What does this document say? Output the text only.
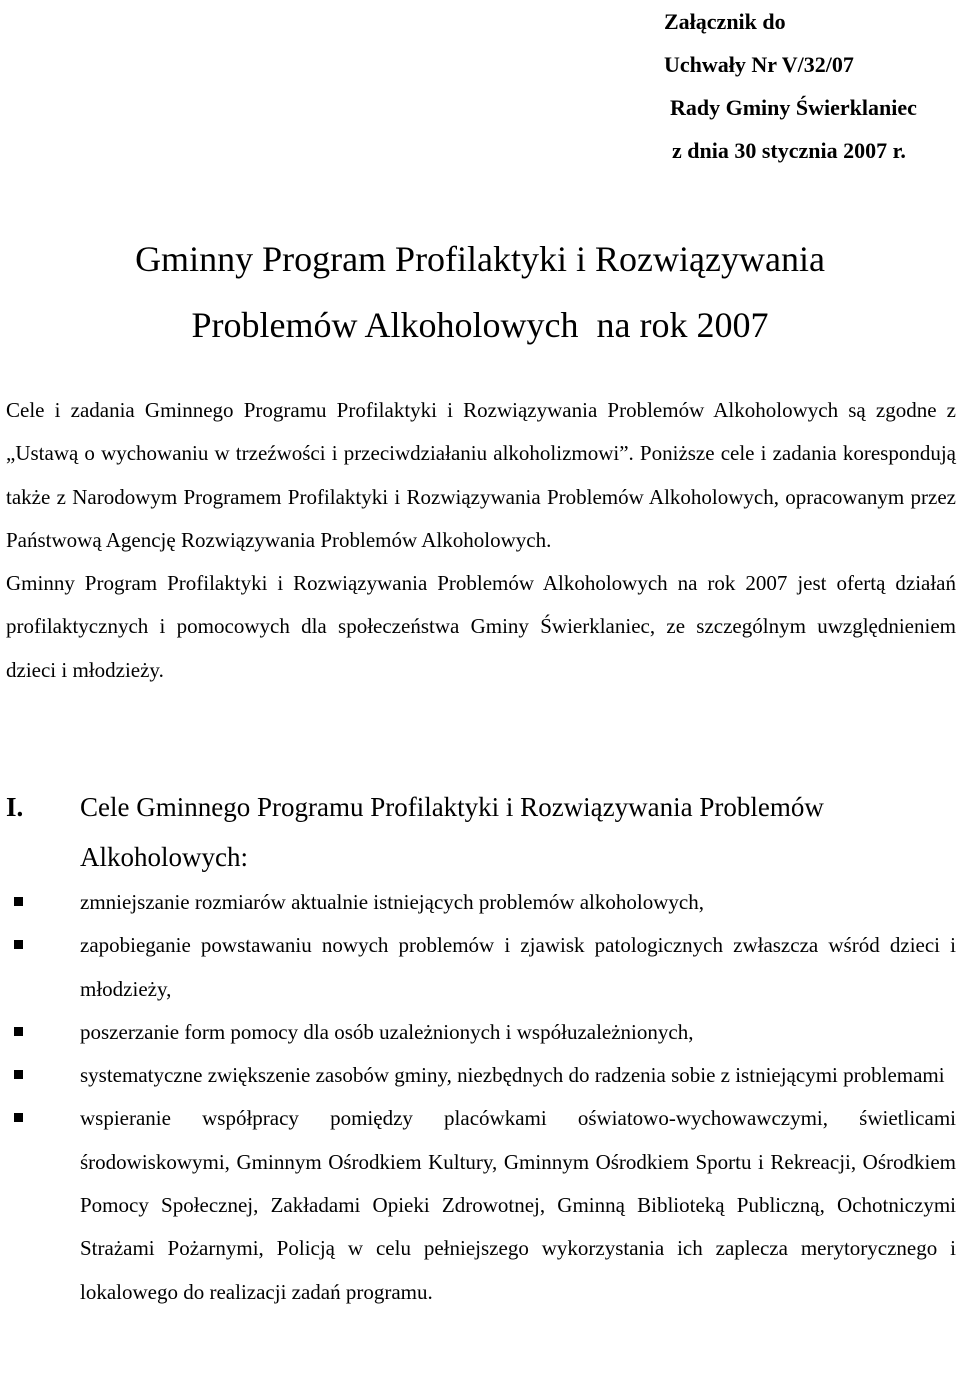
Załącznik do
Uchwały Nr V/32/07
Rady Gminy Świerklaniec
z dnia 30 stycznia 2007 r.
Gminny Program Profilaktyki i Rozwiązywania
Problemów Alkoholowych  na rok 2007

Cele i zadania Gminnego Programu Profilaktyki i Rozwiązywania Problemów Alkoholowych są zgodne z „Ustawą o wychowaniu w trzeźwości i przeciwdziałaniu alkoholizmowi”. Poniższe cele i zadania korespondują także z Narodowym Programem Profilaktyki i Rozwiązywania Problemów Alkoholowych, opracowanym przez Państwową Agencję Rozwiązywania Problemów Alkoholowych.

Gminny Program Profilaktyki i Rozwiązywania Problemów Alkoholowych na rok 2007 jest ofertą działań profilaktycznych i pomocowych dla społeczeństwa Gminy Świerklaniec, ze szczególnym uwzględnieniem dzieci i młodzieży.

I. Cele Gminnego Programu Profilaktyki i Rozwiązywania Problemów Alkoholowych:
zmniejszanie rozmiarów aktualnie istniejących problemów alkoholowych,
zapobieganie powstawaniu nowych problemów i zjawisk patologicznych zwłaszcza wśród dzieci i młodzieży,
poszerzanie form pomocy dla osób uzależnionych i współuzależnionych,
systematyczne zwiększenie zasobów gminy, niezbędnych do radzenia sobie z istniejącymi problemami
wspieranie współpracy pomiędzy placówkami oświatowo-wychowawczymi, świetlicami środowiskowymi, Gminnym Ośrodkiem Kultury, Gminnym Ośrodkiem Sportu i Rekreacji, Ośrodkiem Pomocy Społecznej, Zakładami Opieki Zdrowotnej, Gminną Biblioteką Publiczną, Ochotniczymi Strażami Pożarnymi, Policją w celu pełniejszego wykorzystania ich zaplecza merytorycznego i lokalowego do realizacji zadań programu.
